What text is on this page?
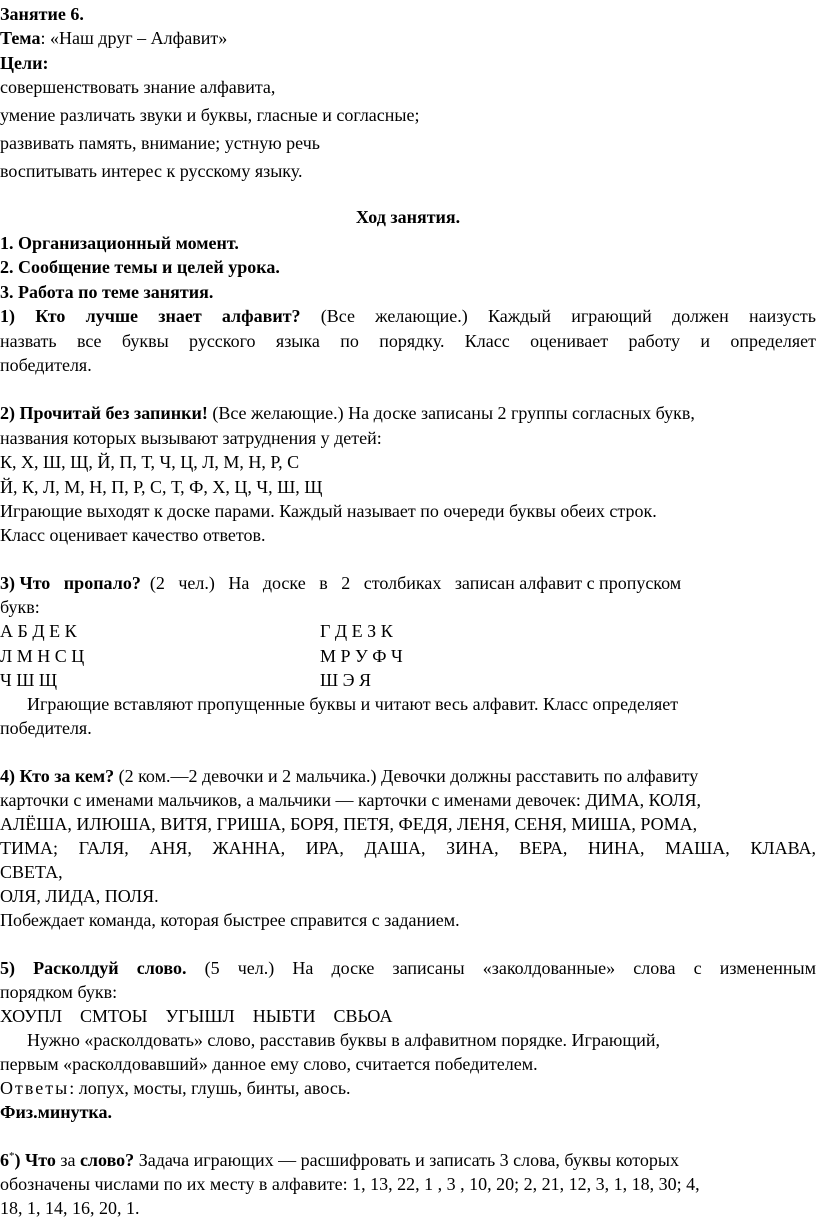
Занятие 6.
Тема: «Наш друг – Алфавит»
Цели:
совершенствовать знание алфавита,
умение различать звуки и буквы, гласные и согласные;
развивать память, внимание; устную речь
воспитывать интерес к русскому языку.
Ход занятия.
1. Организационный момент.
2. Сообщение темы и целей урока.
3. Работа по теме занятия.
1) Кто лучше знает алфавит? (Все желающие.) Каждый играющий должен наизусть
назвать все буквы русского языка по порядку. Класс оценивает работу и определяет
победителя.
2) Прочитай без запинки! (Все желающие.) На доске записаны 2 группы согласных букв,
названия которых вызывают затруднения у детей:
К, Х, Ш, Щ, Й, П, Т, Ч, Ц, Л, М, Н, Р, С
Й, К, Л, М, Н, П, Р, С, Т, Ф, Х, Ц, Ч, Ш, Щ
Играющие выходят к доске парами. Каждый называет по очереди буквы обеих строк.
Класс оценивает качество ответов.
3) Что   пропало?  (2   чел.)   На   доске   в   2   столбиках   записан алфавит с пропуском
букв:
А Б Д Е К	Г Д Е З К
Л М Н С Ц	М Р У Ф Ч
Ч Ш Щ	Ш Э Я
Играющие вставляют пропущенные буквы и читают весь алфавит. Класс определяет
победителя.
4) Кто за кем? (2 ком.—2 девочки и 2 мальчика.) Девочки должны расставить по алфавиту
карточки с именами мальчиков, а мальчики — карточки с именами девочек: ДИМА, КОЛЯ,
АЛЁША, ИЛЮША, ВИТЯ, ГРИША, БОРЯ, ПЕТЯ, ФЕДЯ, ЛЕНЯ, СЕНЯ, МИША, РОМА,
ТИМА; ГАЛЯ, АНЯ, ЖАННА, ИРА, ДАША, ЗИНА, ВЕРА, НИНА, МАША, КЛАВА,
СВЕТА,
ОЛЯ, ЛИДА, ПОЛЯ.
Побеждает команда, которая быстрее справится с заданием.
5) Расколдуй слово. (5 чел.) На доске записаны «заколдованные» слова с измененным
порядком букв:
ХОУПЛ    СМТОЫ    УГЫШЛ    НЫБТИ    СВЬОА
Нужно «расколдовать» слово, расставив буквы в алфавитном порядке. Играющий,
первым «расколдовавший» данное ему слово, считается победителем.
Ответы: лопух, мосты, глушь, бинты, авось.
Физ.минутка.
6*) Что за слово? Задача играющих — расшифровать и записать 3 слова, буквы которых
обозначены числами по их месту в алфавите: 1, 13, 22, 1 , 3 , 10, 20; 2, 21, 12, 3, 1, 18, 30; 4,
18, 1, 14, 16, 20, 1.
